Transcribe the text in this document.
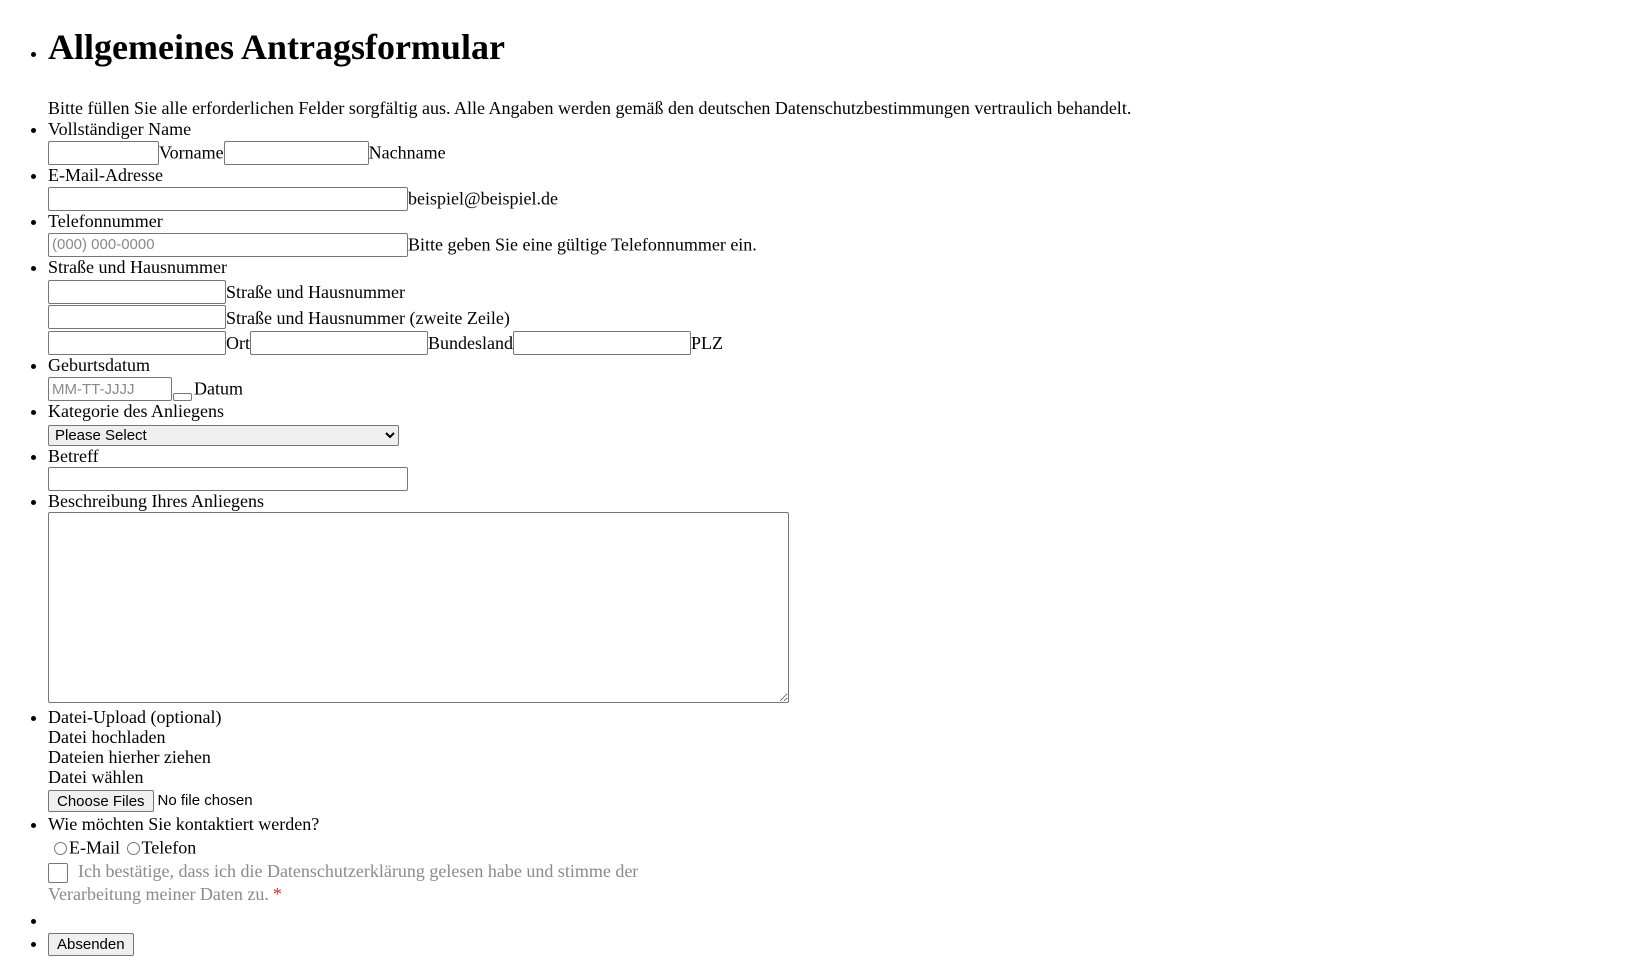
• Allgemeines Antragsformular
Bitte füllen Sie alle erforderlichen Felder sorgfältig aus. Alle Angaben werden gemäß den deutschen Datenschutzbestimmungen vertraulich behandelt.
• Vollständiger Name
Vorname	Nachname
• E-Mail-Adresse
beispiel@beispiel.de
• Telefonnummer
(000) 000-0000Bitte geben Sie eine gültige Telefonnummer ein.
• Straße und Hausnummer
Straße und Hausnummer
Straße und Hausnummer (zweite Zeile)
Ort	Bundesland	PLZ
• Geburtsdatum
MM-TT-JJJJDatum
• Kategorie des Anliegens
Please Select
• Betreff
• Beschreibung Ihres Anliegens
• Datei-Upload (optional)
Datei hochladen
Dateien hierher ziehen
Datei wählen
Choose Files No file chosen
• Wie möchten Sie kontaktiert werden?
E-Mail Telefon
Ich bestätige, dass ich die Datenschutzerklärung gelesen habe und stimme der Verarbeitung meiner Daten zu. *
•
• Absenden
